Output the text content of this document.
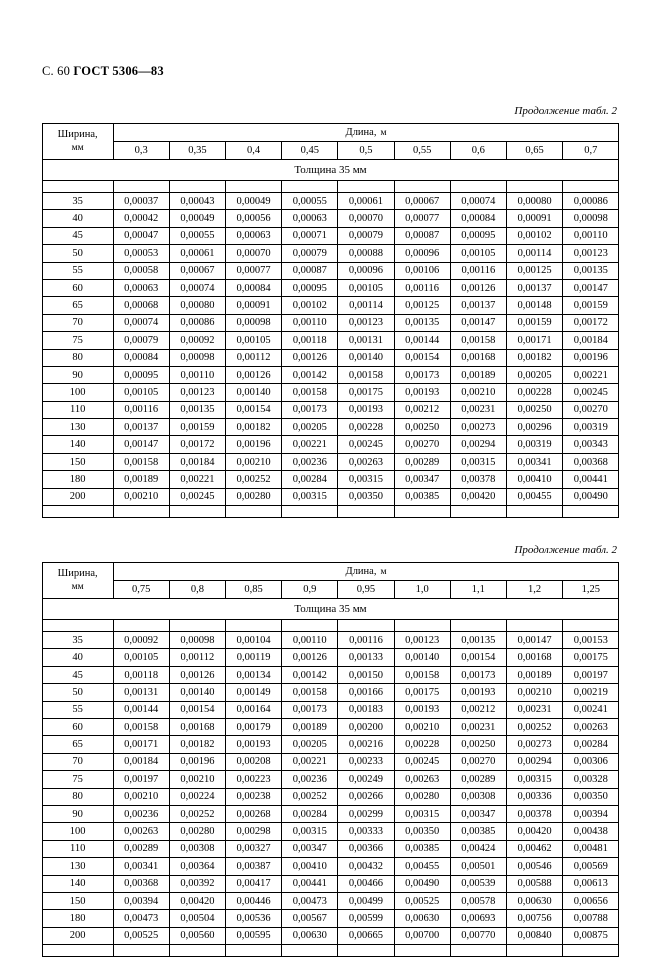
С. 60 ГОСТ 5306—83
Продолжение табл. 2
Ширина,
мм	Длина, м								
	0,3	0,35	0,4	0,45	0,5	0,55	0,6	0,65	0,7
Толщина 35 мм									

35	0,00037	0,00043	0,00049	0,00055	0,00061	0,00067	0,00074	0,00080	0,00086
40	0,00042	0,00049	0,00056	0,00063	0,00070	0,00077	0,00084	0,00091	0,00098
45	0,00047	0,00055	0,00063	0,00071	0,00079	0,00087	0,00095	0,00102	0,00110
50	0,00053	0,00061	0,00070	0,00079	0,00088	0,00096	0,00105	0,00114	0,00123
55	0,00058	0,00067	0,00077	0,00087	0,00096	0,00106	0,00116	0,00125	0,00135
60	0,00063	0,00074	0,00084	0,00095	0,00105	0,00116	0,00126	0,00137	0,00147
65	0,00068	0,00080	0,00091	0,00102	0,00114	0,00125	0,00137	0,00148	0,00159
70	0,00074	0,00086	0,00098	0,00110	0,00123	0,00135	0,00147	0,00159	0,00172
75	0,00079	0,00092	0,00105	0,00118	0,00131	0,00144	0,00158	0,00171	0,00184
80	0,00084	0,00098	0,00112	0,00126	0,00140	0,00154	0,00168	0,00182	0,00196
90	0,00095	0,00110	0,00126	0,00142	0,00158	0,00173	0,00189	0,00205	0,00221
100	0,00105	0,00123	0,00140	0,00158	0,00175	0,00193	0,00210	0,00228	0,00245
110	0,00116	0,00135	0,00154	0,00173	0,00193	0,00212	0,00231	0,00250	0,00270
130	0,00137	0,00159	0,00182	0,00205	0,00228	0,00250	0,00273	0,00296	0,00319
140	0,00147	0,00172	0,00196	0,00221	0,00245	0,00270	0,00294	0,00319	0,00343
150	0,00158	0,00184	0,00210	0,00236	0,00263	0,00289	0,00315	0,00341	0,00368
180	0,00189	0,00221	0,00252	0,00284	0,00315	0,00347	0,00378	0,00410	0,00441
200	0,00210	0,00245	0,00280	0,00315	0,00350	0,00385	0,00420	0,00455	0,00490

Продолжение табл. 2
Ширина,
мм	Длина, м								
	0,75	0,8	0,85	0,9	0,95	1,0	1,1	1,2	1,25
Толщина 35 мм									

35	0,00092	0,00098	0,00104	0,00110	0,00116	0,00123	0,00135	0,00147	0,00153
40	0,00105	0,00112	0,00119	0,00126	0,00133	0,00140	0,00154	0,00168	0,00175
45	0,00118	0,00126	0,00134	0,00142	0,00150	0,00158	0,00173	0,00189	0,00197
50	0,00131	0,00140	0,00149	0,00158	0,00166	0,00175	0,00193	0,00210	0,00219
55	0,00144	0,00154	0,00164	0,00173	0,00183	0,00193	0,00212	0,00231	0,00241
60	0,00158	0,00168	0,00179	0,00189	0,00200	0,00210	0,00231	0,00252	0,00263
65	0,00171	0,00182	0,00193	0,00205	0,00216	0,00228	0,00250	0,00273	0,00284
70	0,00184	0,00196	0,00208	0,00221	0,00233	0,00245	0,00270	0,00294	0,00306
75	0,00197	0,00210	0,00223	0,00236	0,00249	0,00263	0,00289	0,00315	0,00328
80	0,00210	0,00224	0,00238	0,00252	0,00266	0,00280	0,00308	0,00336	0,00350
90	0,00236	0,00252	0,00268	0,00284	0,00299	0,00315	0,00347	0,00378	0,00394
100	0,00263	0,00280	0,00298	0,00315	0,00333	0,00350	0,00385	0,00420	0,00438
110	0,00289	0,00308	0,00327	0,00347	0,00366	0,00385	0,00424	0,00462	0,00481
130	0,00341	0,00364	0,00387	0,00410	0,00432	0,00455	0,00501	0,00546	0,00569
140	0,00368	0,00392	0,00417	0,00441	0,00466	0,00490	0,00539	0,00588	0,00613
150	0,00394	0,00420	0,00446	0,00473	0,00499	0,00525	0,00578	0,00630	0,00656
180	0,00473	0,00504	0,00536	0,00567	0,00599	0,00630	0,00693	0,00756	0,00788
200	0,00525	0,00560	0,00595	0,00630	0,00665	0,00700	0,00770	0,00840	0,00875
